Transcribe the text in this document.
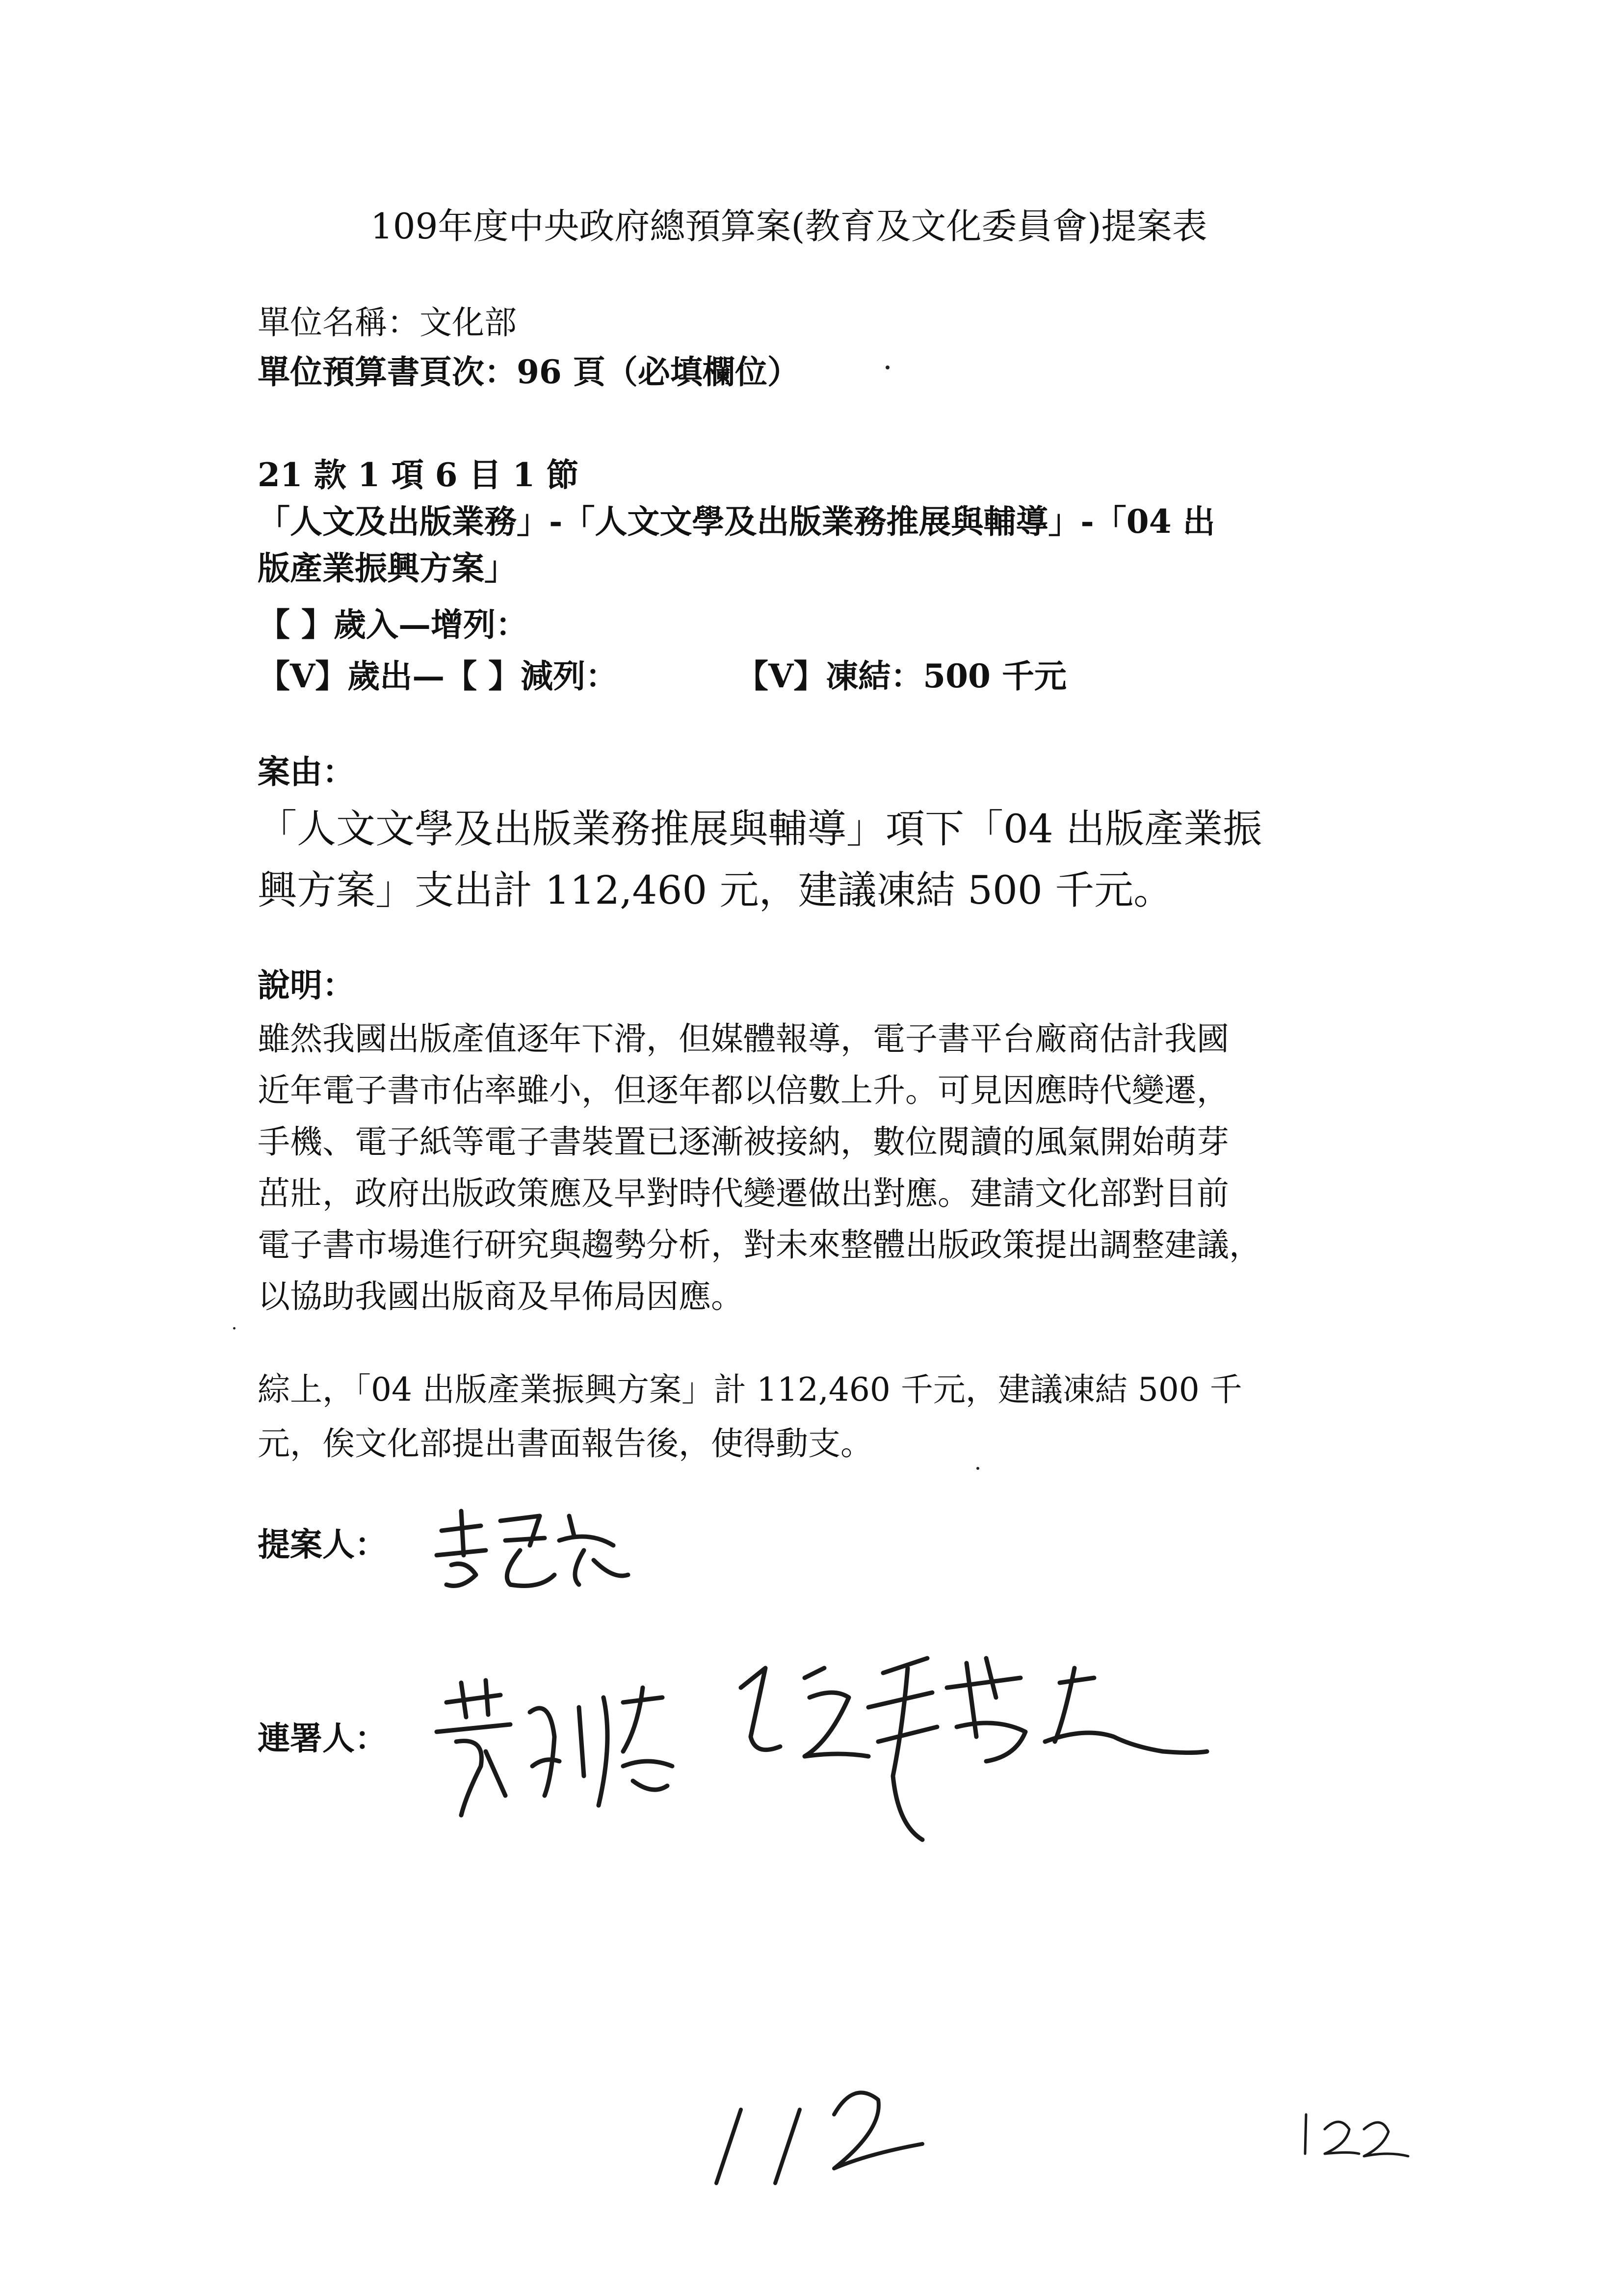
109年度中央政府總預算案(教育及文化委員會)提案表
單位名稱：文化部
單位預算書頁次：96 頁（必填欄位）
21 款 1 項 6 目 1 節
「人文及出版業務」-「人文文學及出版業務推展與輔導」-「04 出
版產業振興方案」
【 】歲入—增列：
【V】歲出—【 】減列：	【V】凍結：500 千元
案由：
「人文文學及出版業務推展與輔導」項下「04 出版產業振
興方案」支出計 112,460 元，建議凍結 500 千元。
說明：
雖然我國出版產值逐年下滑，但媒體報導，電子書平台廠商估計我國
近年電子書市佔率雖小，但逐年都以倍數上升。可見因應時代變遷，
手機、電子紙等電子書裝置已逐漸被接納，數位閱讀的風氣開始萌芽
茁壯，政府出版政策應及早對時代變遷做出對應。建請文化部對目前
電子書市場進行研究與趨勢分析，對未來整體出版政策提出調整建議，
以協助我國出版商及早佈局因應。
綜上，「04 出版產業振興方案」計 112,460 千元，建議凍結 500 千
元，俟文化部提出書面報告後，使得動支。
提案人：
連署人：
